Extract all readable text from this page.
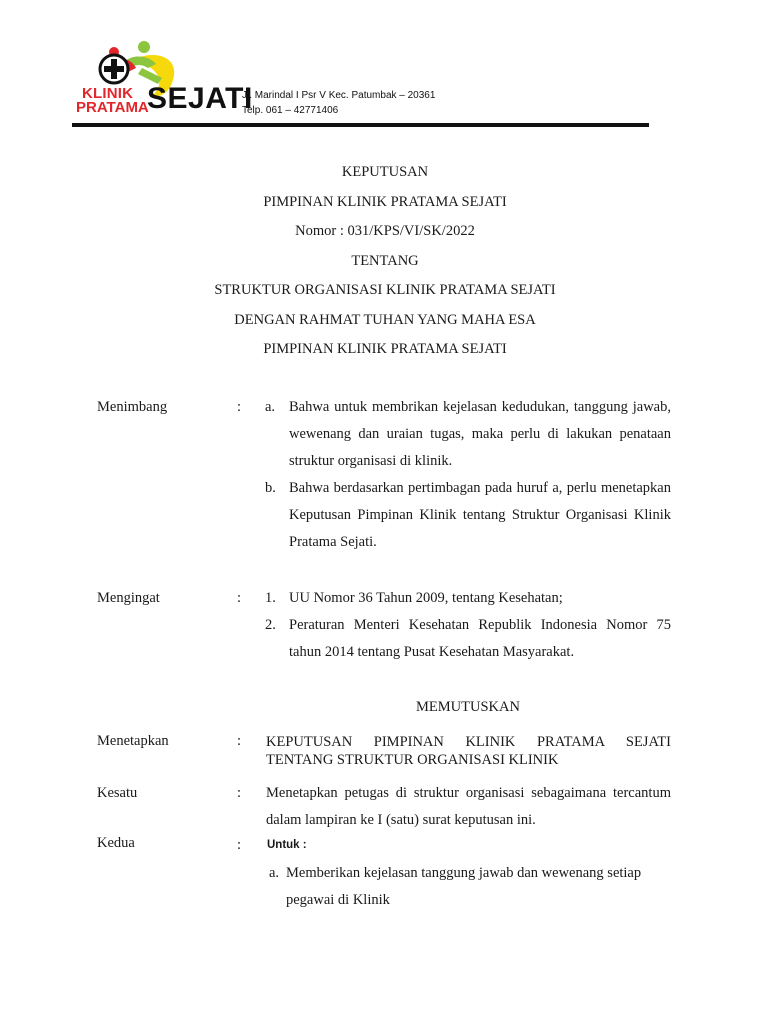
KLINIK
PRATAMA
SEJATI
Jl. Marindal I Psr V Kec. Patumbak – 20361
Telp. 061 – 42771406
KEPUTUSAN
PIMPINAN KLINIK PRATAMA SEJATI
Nomor : 031/KPS/VI/SK/2022
TENTANG
STRUKTUR ORGANISASI KLINIK PRATAMA SEJATI
DENGAN RAHMAT TUHAN YANG MAHA ESA
PIMPINAN KLINIK PRATAMA SEJATI
Menimbang	: a. Bahwa untuk membrikan kejelasan kedudukan, tanggung jawab, wewenang dan uraian tugas, maka perlu di lakukan penataan struktur organisasi di klinik.
b. Bahwa berdasarkan pertimbagan pada huruf a, perlu menetapkan Keputusan Pimpinan Klinik tentang Struktur Organisasi Klinik Pratama Sejati.
Mengingat	: 1. UU Nomor 36 Tahun 2009, tentang Kesehatan;
2. Peraturan Menteri Kesehatan Republik Indonesia Nomor 75 tahun 2014 tentang Pusat Kesehatan Masyarakat.
MEMUTUSKAN
Menetapkan	: KEPUTUSAN PIMPINAN KLINIK PRATAMA SEJATI
TENTANG STRUKTUR ORGANISASI KLINIK
Kesatu	: Menetapkan petugas di struktur organisasi sebagaimana tercantum dalam lampiran ke I (satu) surat keputusan ini.
Kedua	: Untuk :
a. Memberikan kejelasan tanggung jawab dan wewenang setiap pegawai di Klinik
